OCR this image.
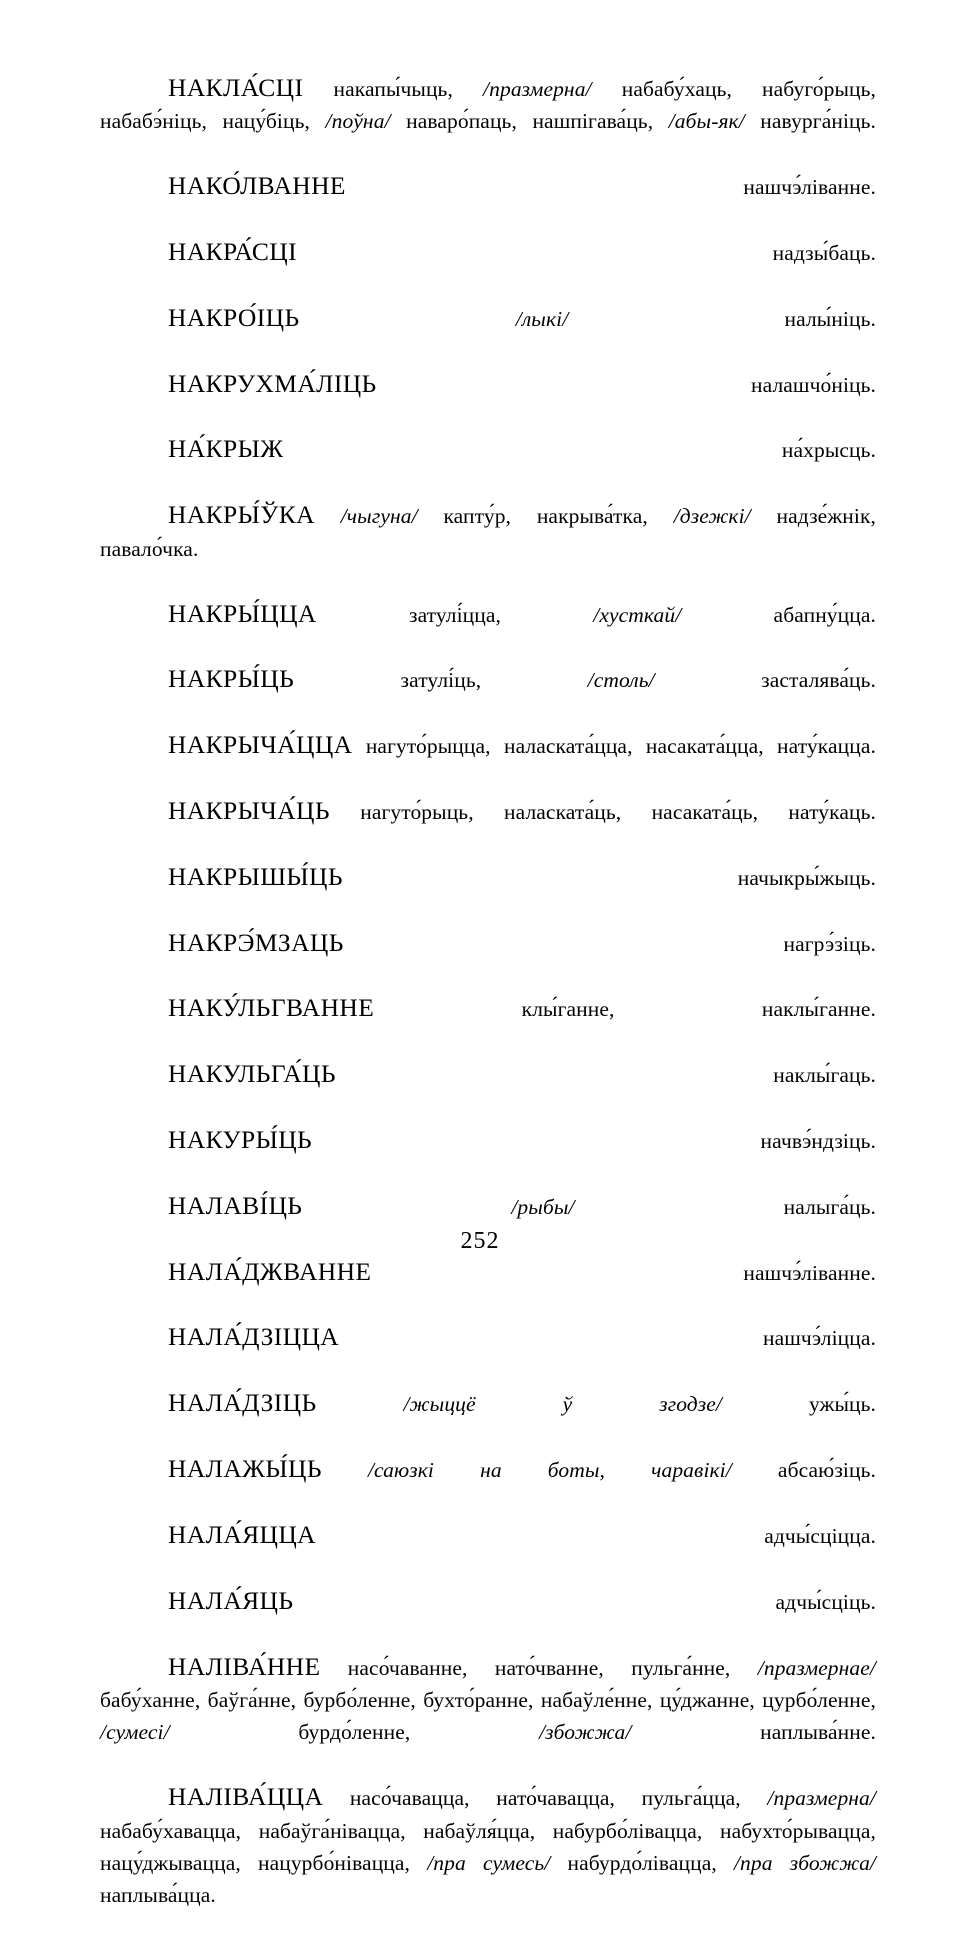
НАКЛА́СЦІ накапы́чыць, /празмерна/ набабу́хаць, набуго́рыць, набабэ́ніць, нацу́біць, /поўна/ наваро́паць, нашпігава́ць, /абы-як/ навурга́ніць.

НАКО́ЛВАННЕ нашчэ́ліванне.

НАКРА́СЦІ надзы́баць.

НАКРО́ІЦЬ	/лыкі/ налы́ніць.

НАКРУХМА́ЛІЦЬ налашчо́ніць.

НА́КРЫЖ на́хрысць.

НАКРЫ́ЎКА /чыгуна/ капту́р, накрыва́тка, /дзежкі/ надзе́жнік, павало́чка.

НАКРЫ́ЦЦА затулі́цца, /хусткай/ абапну́цца.

НАКРЫ́ЦЬ затулі́ць, /столь/ засталява́ць.

НАКРЫЧА́ЦЦА нагуто́рыцца, наласката́цца, насаката́цца, нату́кацца.

НАКРЫЧА́ЦЬ нагуто́рыць, наласката́ць, насаката́ць, нату́каць.

НАКРЫШЫ́ЦЬ начыкры́жыць.

НАКРЭ́МЗАЦЬ нагрэ́зіць.

НАКУ́ЛЬГВАННЕ клы́ганне, наклы́ганне.

НАКУЛЬГА́ЦЬ наклы́гаць.

НАКУРЫ́ЦЬ начвэ́ндзіць.

НАЛАВІ́ЦЬ	/рыбы/ налыга́ць.

НАЛА́ДЖВАННЕ нашчэ́ліванне.

НАЛА́ДЗІЦЦА нашчэ́ліцца.

НАЛА́ДЗІЦЬ	/жыццё ў згодзе/ ужы́ць.

НАЛАЖЫ́ЦЬ /саюзкі на боты, чаравікі/ абсаю́зіць.

НАЛА́ЯЦЦА адчы́сціцца.

НАЛА́ЯЦЬ адчы́сціць.

НАЛІВА́ННЕ насо́чаванне, нато́чванне, пульга́нне, /празмернае/ бабу́ханне, баўга́нне, бурбо́ленне, бухто́ранне, набаўле́нне, цу́джанне, цурбо́ленне, /сумесі/ бурдо́ленне, /збожжа/ наплыва́нне.

НАЛІВА́ЦЦА насо́чавацца, нато́чавацца, пульга́цца, /празмерна/ набабу́хавацца, набаўга́нівацца, набаўля́цца, набурбо́лівацца, набухто́рывацца, нацу́джывацца, нацурбо́нівацца, /пра сумесь/ набурдо́лівацца, /пра збожжа/ наплыва́цца.

252
